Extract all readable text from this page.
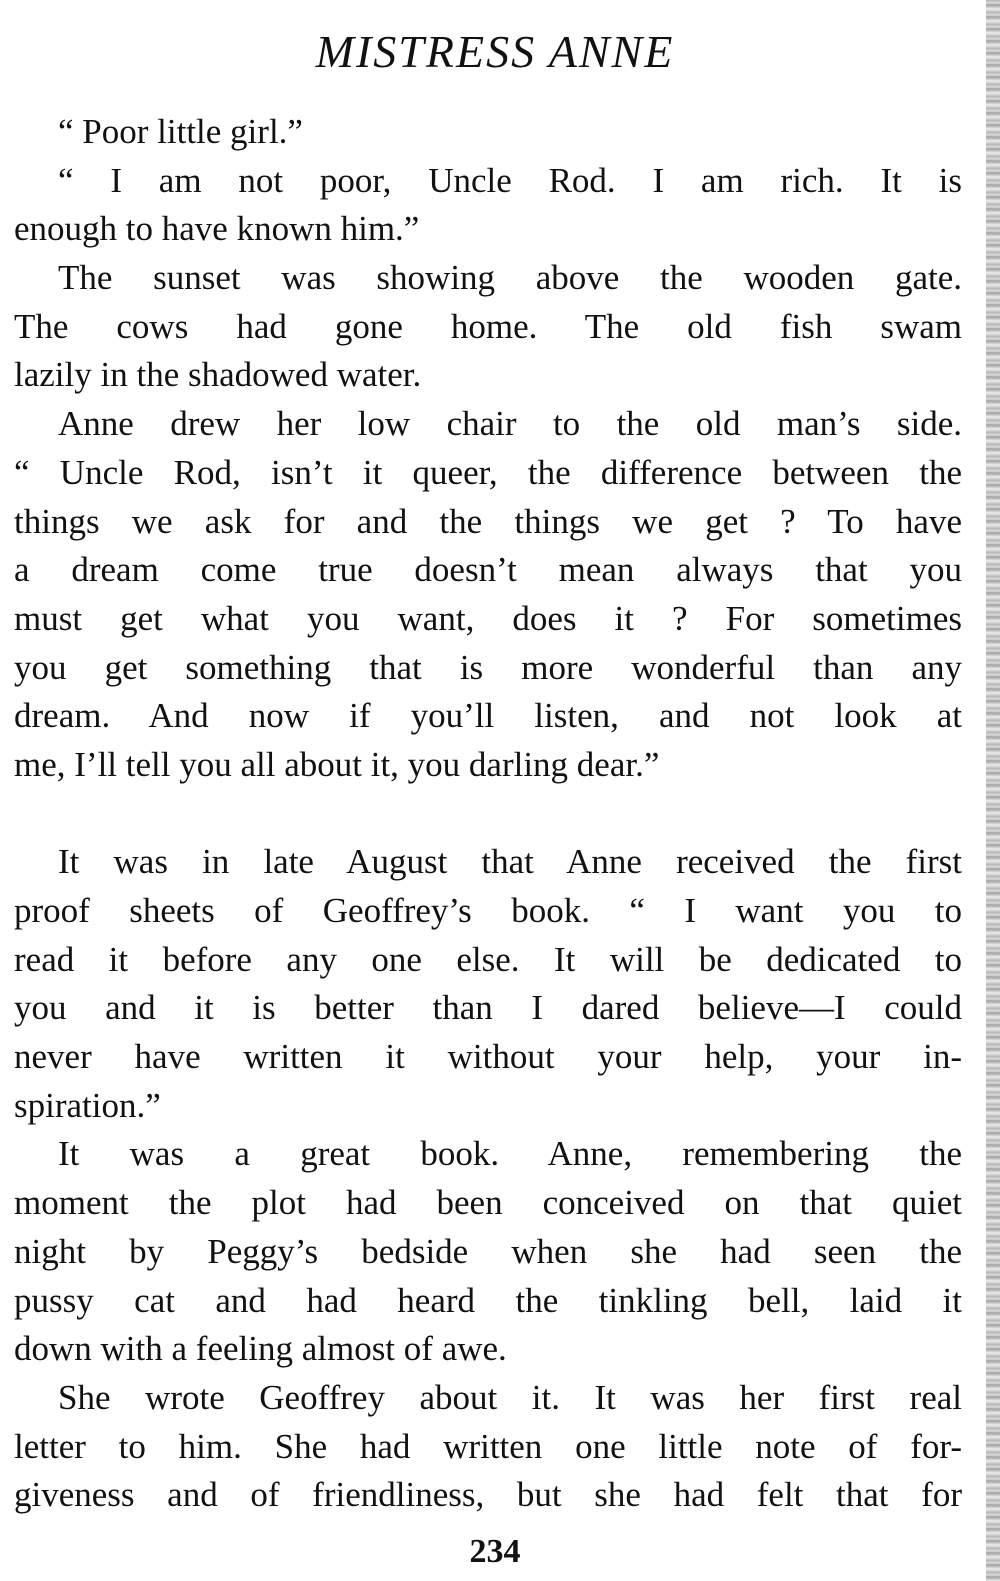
MISTRESS ANNE
“ Poor little girl.”
“ I am not poor, Uncle Rod. I am rich. It is
enough to have known him.”
The sunset was showing above the wooden gate.
The cows had gone home. The old fish swam
lazily in the shadowed water.
Anne drew her low chair to the old man’s side.
“ Uncle Rod, isn’t it queer, the difference between the
things we ask for and the things we get ? To have
a dream come true doesn’t mean always that you
must get what you want, does it ? For sometimes
you get something that is more wonderful than any
dream. And now if you’ll listen, and not look at
me, I’ll tell you all about it, you darling dear.”
It was in late August that Anne received the first
proof sheets of Geoffrey’s book. “ I want you to
read it before any one else. It will be dedicated to
you and it is better than I dared believe—I could
never have written it without your help, your in-
spiration.”
It was a great book. Anne, remembering the
moment the plot had been conceived on that quiet
night by Peggy’s bedside when she had seen the
pussy cat and had heard the tinkling bell, laid it
down with a feeling almost of awe.
She wrote Geoffrey about it. It was her first real
letter to him. She had written one little note of for-
giveness and of friendliness, but she had felt that for
234
